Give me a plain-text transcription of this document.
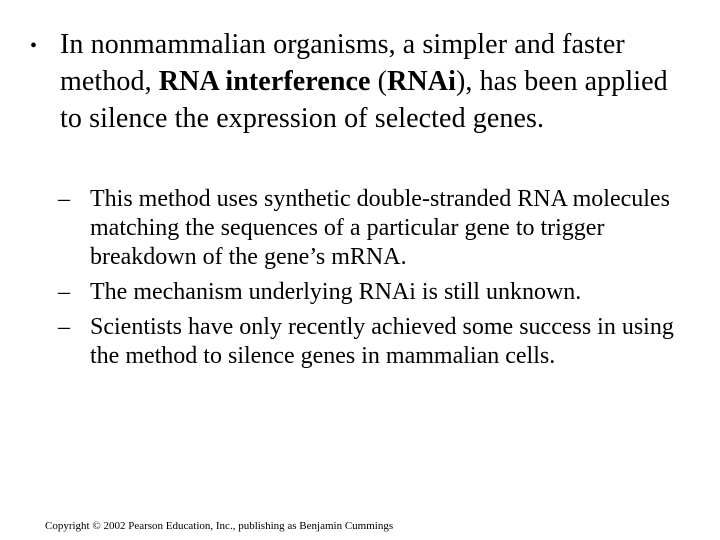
• In nonmammalian organisms, a simpler and faster method, RNA interference (RNAi), has been applied to silence the expression of selected genes.
– This method uses synthetic double-stranded RNA molecules matching the sequences of a particular gene to trigger breakdown of the gene’s mRNA.
– The mechanism underlying RNAi is still unknown.
– Scientists have only recently achieved some success in using the method to silence genes in mammalian cells.
Copyright © 2002 Pearson Education, Inc., publishing as Benjamin Cummings
